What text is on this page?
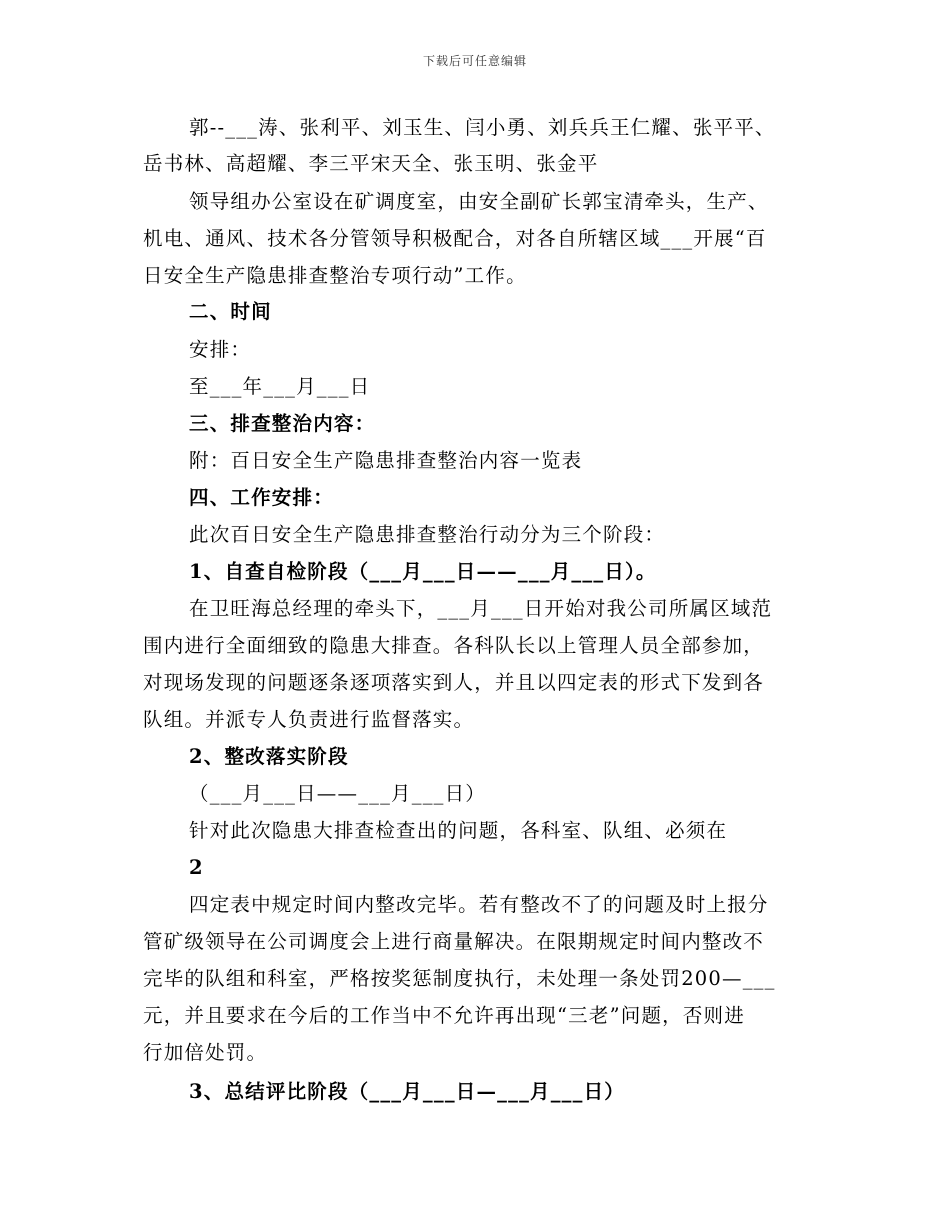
下载后可任意编辑
郭--___涛、张利平、刘玉生、闫小勇、刘兵兵王仁耀、张平平、
岳书林、高超耀、李三平宋天全、张玉明、张金平
领导组办公室设在矿调度室，由安全副矿长郭宝清牵头，生产、
机电、通风、技术各分管领导积极配合，对各自所辖区域___开展“百
日安全生产隐患排查整治专项行动”工作。
二、时间
安排：
至___年___月___日
三、排查整治内容：
附：百日安全生产隐患排查整治内容一览表
四、工作安排：
此次百日安全生产隐患排查整治行动分为三个阶段：
1、自查自检阶段（___月___日——___月___日）。
在卫旺海总经理的牵头下，___月___日开始对我公司所属区域范
围内进行全面细致的隐患大排查。各科队长以上管理人员全部参加，
对现场发现的问题逐条逐项落实到人，并且以四定表的形式下发到各
队组。并派专人负责进行监督落实。
2、整改落实阶段
（___月___日——___月___日）
针对此次隐患大排查检查出的问题，各科室、队组、必须在
2
四定表中规定时间内整改完毕。若有整改不了的问题及时上报分
管矿级领导在公司调度会上进行商量解决。在限期规定时间内整改不
完毕的队组和科室，严格按奖惩制度执行，未处理一条处罚200—___
元，并且要求在今后的工作当中不允许再出现“三老”问题，否则进
行加倍处罚。
3、总结评比阶段（___月___日—___月___日）
